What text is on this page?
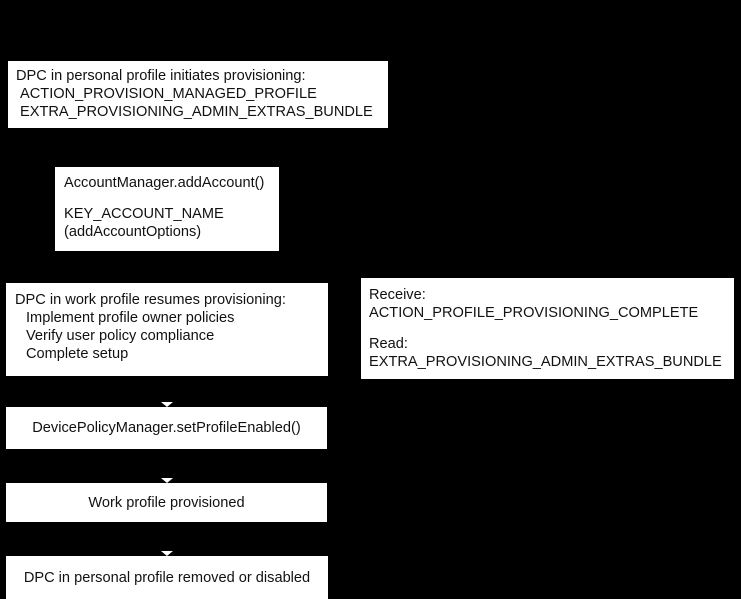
DPC in personal profile initiates provisioning:
ACTION_PROVISION_MANAGED_PROFILE
EXTRA_PROVISIONING_ADMIN_EXTRAS_BUNDLE
AccountManager.addAccount()
KEY_ACCOUNT_NAME
(addAccountOptions)
DPC in work profile resumes provisioning:
Implement profile owner policies
Verify user policy compliance
Complete setup
Receive:
ACTION_PROFILE_PROVISIONING_COMPLETE
Read:
EXTRA_PROVISIONING_ADMIN_EXTRAS_BUNDLE
DevicePolicyManager.setProfileEnabled()
Work profile provisioned
DPC in personal profile removed or disabled
